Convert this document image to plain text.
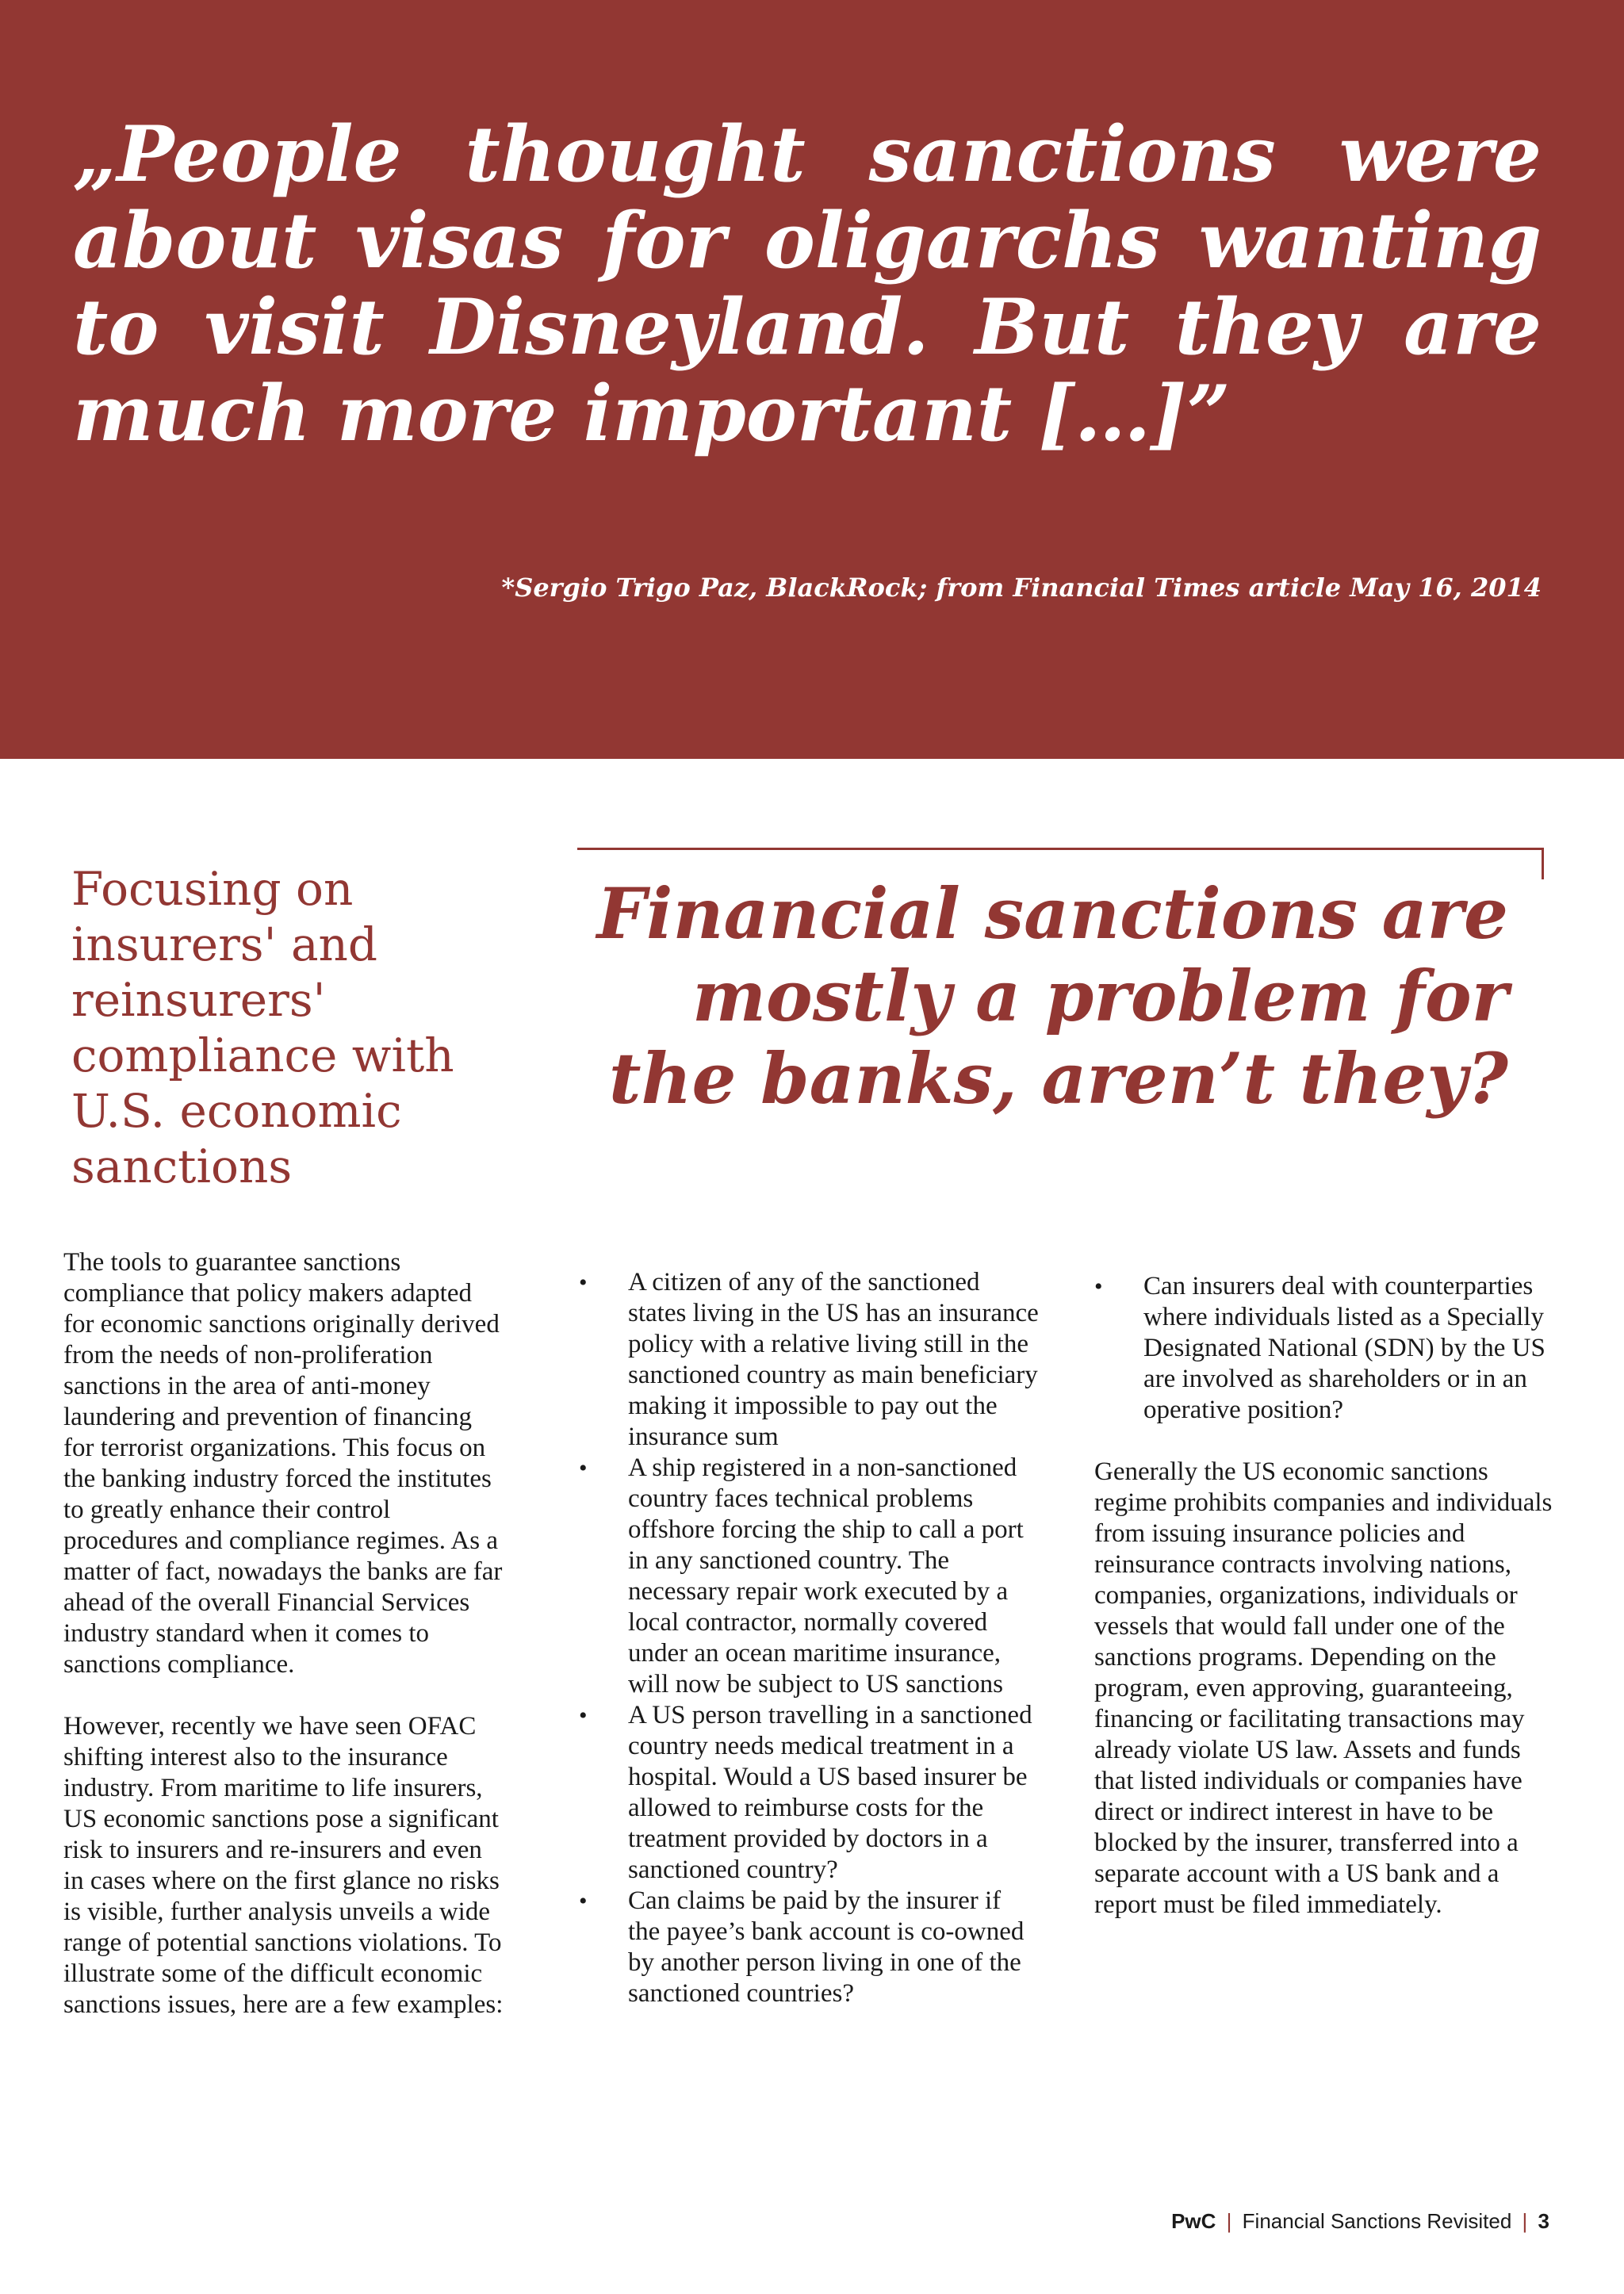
„People thought sanctions were about visas for oligarchs wanting to visit Disneyland. But they are much more important […]”
*Sergio Trigo Paz, BlackRock; from Financial Times article May 16, 2014
Focusing on insurers' and reinsurers' compliance with U.S. economic sanctions
Financial sanctions are mostly a problem for the banks, aren’t they?

The tools to guarantee sanctions compliance that policy makers adapted for economic sanctions originally derived from the needs of non-proliferation sanctions in the area of anti-money laundering and prevention of financing for terrorist organizations. This focus on the banking industry forced the institutes to greatly enhance their control procedures and compliance regimes. As a matter of fact, nowadays the banks are far ahead of the overall Financial Services industry standard when it comes to sanctions compliance.

However, recently we have seen OFAC shifting interest also to the insurance industry. From maritime to life insurers, US economic sanctions pose a significant risk to insurers and re-insurers and even in cases where on the first glance no risks is visible, further analysis unveils a wide range of potential sanctions violations. To illustrate some of the difficult economic sanctions issues, here are a few examples:

• A citizen of any of the sanctioned states living in the US has an insurance policy with a relative living still in the sanctioned country as main beneficiary making it impossible to pay out the insurance sum
• A ship registered in a non-sanctioned country faces technical problems offshore forcing the ship to call a port in any sanctioned country. The necessary repair work executed by a local contractor, normally covered under an ocean maritime insurance, will now be subject to US sanctions
• A US person travelling in a sanctioned country needs medical treatment in a hospital. Would a US based insurer be allowed to reimburse costs for the treatment provided by doctors in a sanctioned country?
• Can claims be paid by the insurer if the payee’s bank account is co-owned by another person living in one of the sanctioned countries?
• Can insurers deal with counterparties where individuals listed as a Specially Designated National (SDN) by the US are involved as shareholders or in an operative position?

Generally the US economic sanctions regime prohibits companies and individuals from issuing insurance policies and reinsurance contracts involving nations, companies, organizations, individuals or vessels that would fall under one of the sanctions programs. Depending on the program, even approving, guaranteeing, financing or facilitating transactions may already violate US law. Assets and funds that listed individuals or companies have direct or indirect interest in have to be blocked by the insurer, transferred into a separate account with a US bank and a report must be filed immediately.

PwC | Financial Sanctions Revisited | 3
